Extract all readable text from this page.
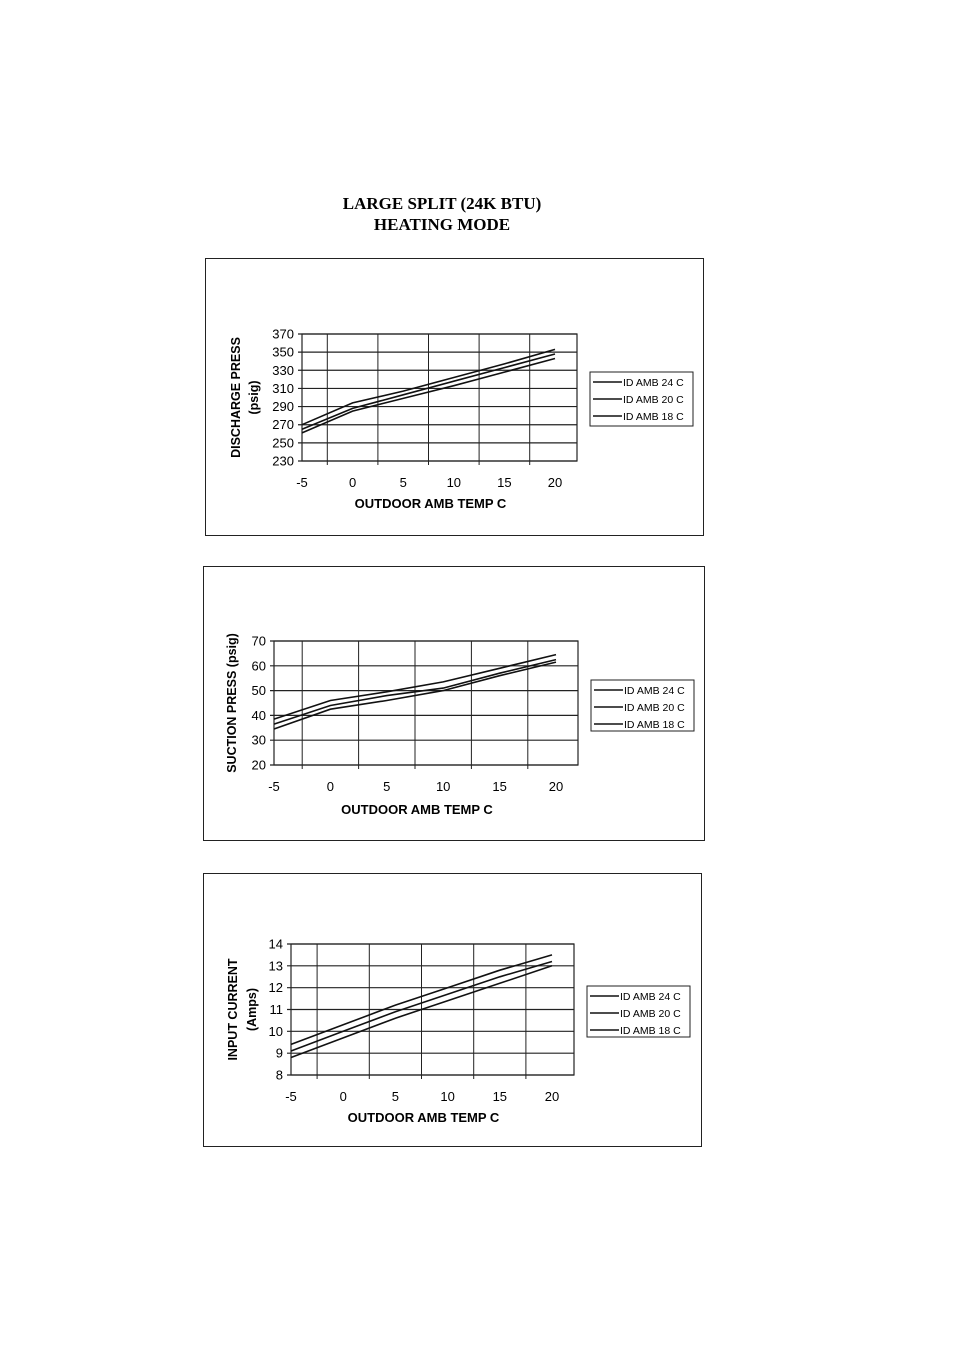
LARGE SPLIT (24K BTU)
HEATING MODE
230
250
270
290
310
330
350
370
-5	0	5	10	15	20
OUTDOOR AMB TEMP C
DISCHARGE PRESS (psig)	ID AMB 24 C
ID AMB 20 C
ID AMB 18 C
20
30
40
50
60
70
-5	0	5	10	15	20
OUTDOOR AMB TEMP C
SUCTION PRESS (psig)	ID AMB 24 C
ID AMB 20 C
ID AMB 18 C
8
9
10
11
12
13
14
-5	0	5	10	15	20
OUTDOOR AMB TEMP C
INPUT CURRENT (Amps)	ID AMB 24 C
ID AMB 20 C
ID AMB 18 C
